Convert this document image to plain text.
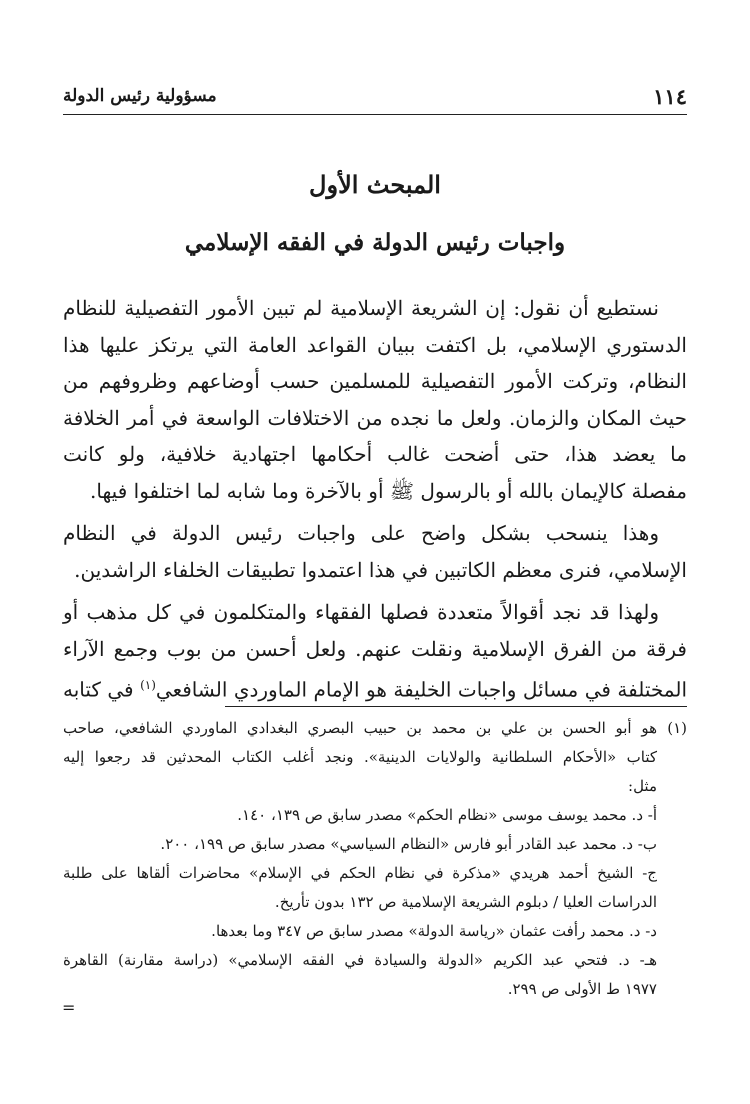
١١٤
مسؤولية رئيس الدولة
المبحث الأول
واجبات رئيس الدولة في الفقه الإسلامي
نستطيع أن نقول: إن الشريعة الإسلامية لم تبين الأمور التفصيلية للنظام
الدستوري الإسلامي، بل اكتفت ببيان القواعد العامة التي يرتكز عليها هذا
النظام، وتركت الأمور التفصيلية للمسلمين حسب أوضاعهم وظروفهم من
حيث المكان والزمان. ولعل ما نجده من الاختلافات الواسعة في أمر الخلافة
ما يعضد هذا، حتى أضحت غالب أحكامها اجتهادية خلافية، ولو كانت
مفصلة كالإيمان بالله أو بالرسول ﷺ أو بالآخرة وما شابه لما اختلفوا فيها.
وهذا ينسحب بشكل واضح على واجبات رئيس الدولة في النظام
الإسلامي، فنرى معظم الكاتبين في هذا اعتمدوا تطبيقات الخلفاء الراشدين.
ولهذا قد نجد أقوالاً متعددة فصلها الفقهاء والمتكلمون في كل مذهب أو
فرقة من الفرق الإسلامية ونقلت عنهم. ولعل أحسن من بوب وجمع الآراء
المختلفة في مسائل واجبات الخليفة هو الإمام الماوردي الشافعي$^{(١)}$ في كتابه
(١)هو أبو الحسن بن علي بن محمد بن حبيب البصري البغدادي الماوردي الشافعي، صاحب
كتاب «الأحكام السلطانية والولايات الدينية». ونجد أغلب الكتاب المحدثين قد رجعوا إليه
مثل:
أ- د. محمد يوسف موسى «نظام الحكم» مصدر سابق ص ١٣٩، ١٤٠.
ب- د. محمد عبد القادر أبو فارس «النظام السياسي» مصدر سابق ص ١٩٩، ٢٠٠.
ج- الشيخ أحمد هريدي «مذكرة في نظام الحكم في الإسلام» محاضرات ألقاها على طلبة
الدراسات العليا / دبلوم الشريعة الإسلامية ص ١٣٢ بدون تأريخ.
د- د. محمد رأفت عثمان «رياسة الدولة» مصدر سابق ص ٣٤٧ وما بعدها.
هـ- د. فتحي عبد الكريم «الدولة والسيادة في الفقه الإسلامي» (دراسة مقارنة) القاهرة
١٩٧٧ ط الأولى ص ٢٩٩.
=
